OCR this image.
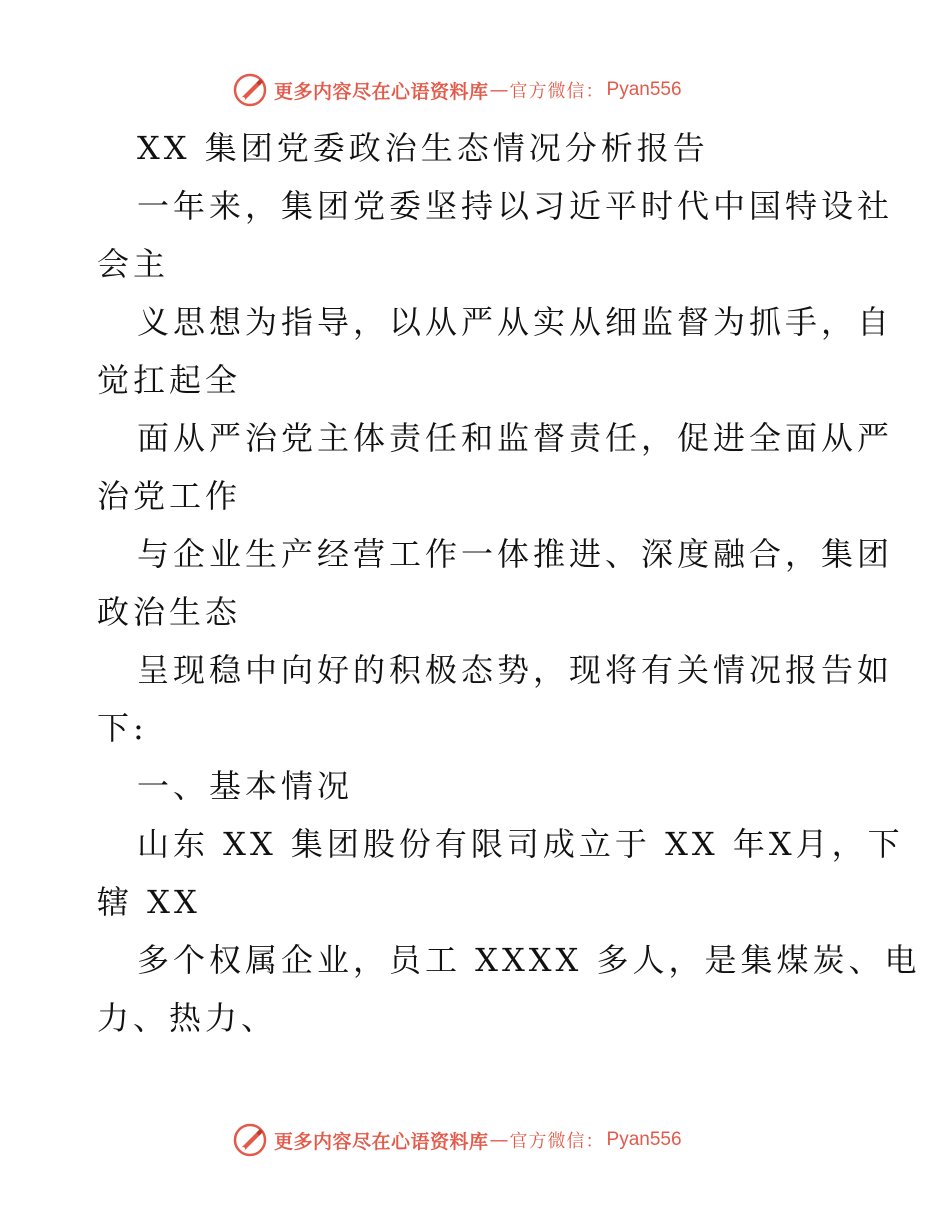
更多内容尽在心语资料库 — 官方微信： Pyan556
XX 集团党委政治生态情况分析报告
一年来，集团党委坚持以习近平时代中国特设社
会主
义思想为指导，以从严从实从细监督为抓手，自
觉扛起全
面从严治党主体责任和监督责任，促进全面从严
治党工作
与企业生产经营工作一体推进、深度融合，集团
政治生态
呈现稳中向好的积极态势，现将有关情况报告如
下:
一、基本情况
山东 XX 集团股份有限司成立于 XX 年X月，下
辖 XX
多个权属企业，员工 XXXX 多人，是集煤炭、电
力、热力、
更多内容尽在心语资料库 — 官方微信： Pyan556
